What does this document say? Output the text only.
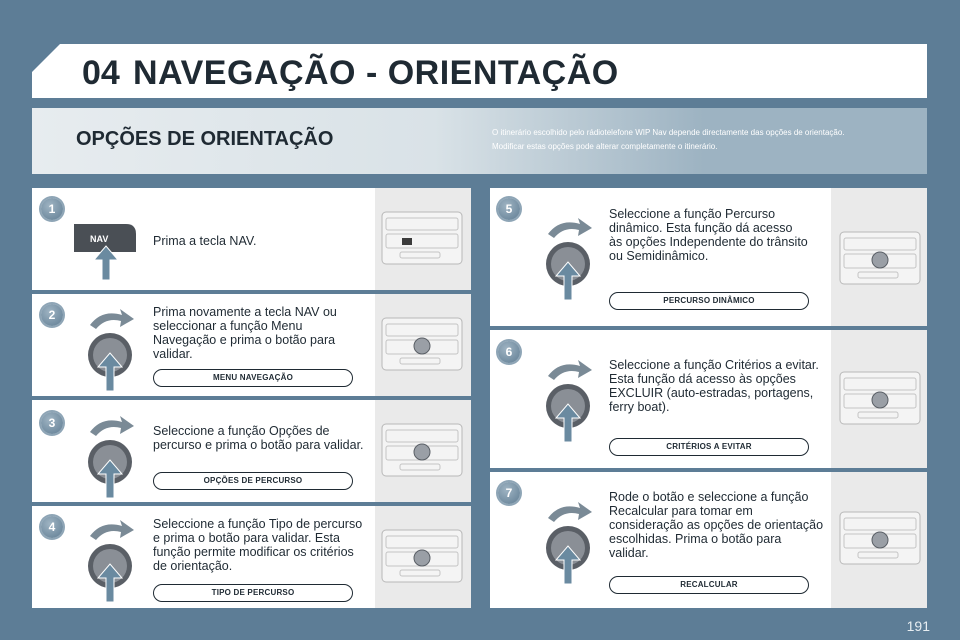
04 NAVEGAÇÃO - ORIENTAÇÃO
OPÇÕES DE ORIENTAÇÃO	O itinerário escolhido pelo rádiotelefone WIP Nav depende directamente das opções de orientação.
Modificar estas opções pode alterar completamente o itinerário.
1
NAV	Prima a tecla NAV.
2	Prima novamente a tecla NAV ou seleccionar a função Menu Navegação e prima o botão para validar.
MENU NAVEGAÇÃO
3
Seleccione a função Opções de percurso e prima o botão para validar.
OPÇÕES DE PERCURSO
4	Seleccione a função Tipo de percurso e prima o botão para validar. Esta função permite modificar os critérios de orientação.
TIPO DE PERCURSO
5	Seleccione a função Percurso dinâmico. Esta função dá acesso às opções Independente do trânsito ou Semidinâmico.
PERCURSO DINÂMICO
6
Seleccione a função Critérios a evitar. Esta função dá acesso às opções EXCLUIR (auto-estradas, portagens, ferry boat).
CRITÉRIOS A EVITAR
7	Rode o botão e seleccione a função Recalcular para tomar em consideração as opções de orientação escolhidas. Prima o botão para validar.
RECALCULAR
191
